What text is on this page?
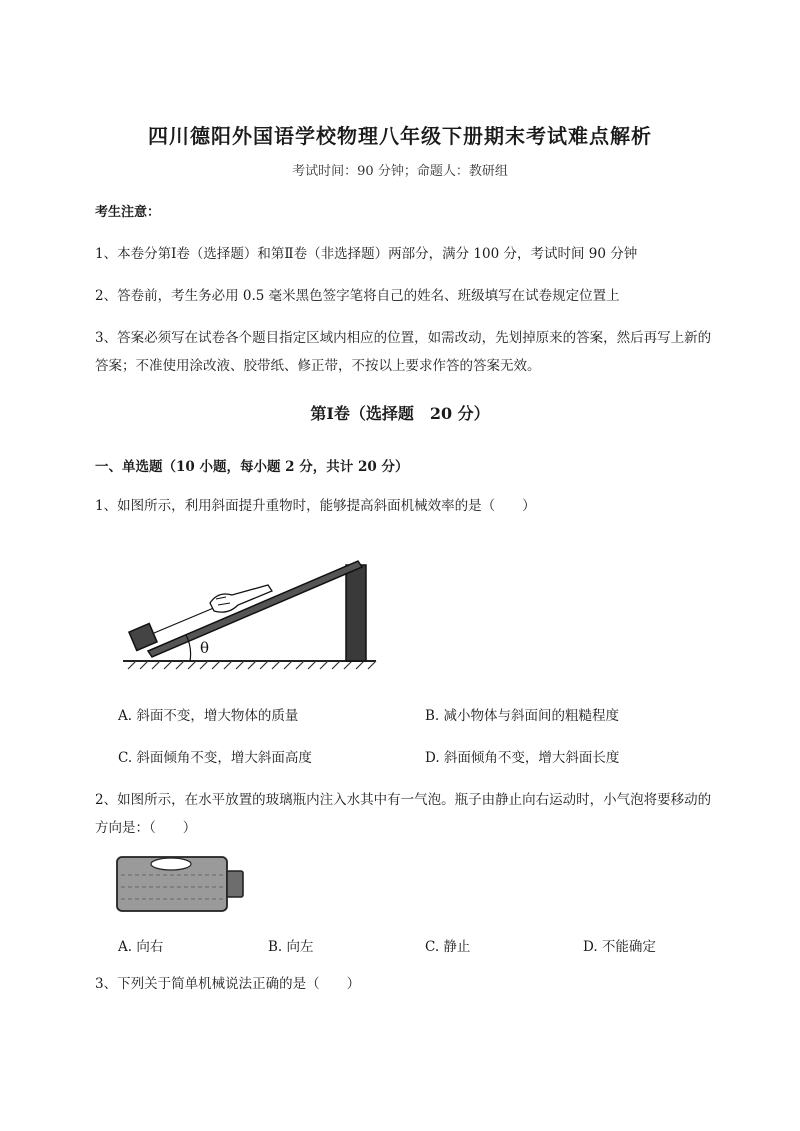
四川德阳外国语学校物理八年级下册期末考试难点解析
考试时间：90 分钟；命题人：教研组
考生注意：
1、本卷分第Ⅰ卷（选择题）和第Ⅱ卷（非选择题）两部分，满分 100 分，考试时间 90 分钟
2、答卷前，考生务必用 0.5 毫米黑色签字笔将自己的姓名、班级填写在试卷规定位置上
3、答案必须写在试卷各个题目指定区域内相应的位置，如需改动，先划掉原来的答案，然后再写上新的答案；不准使用涂改液、胶带纸、修正带，不按以上要求作答的答案无效。
第Ⅰ卷（选择题　20 分）
一、单选题（10 小题，每小题 2 分，共计 20 分）
1、如图所示，利用斜面提升重物时，能够提高斜面机械效率的是（　　）
θ
A. 斜面不变，增大物体的质量	B. 减小物体与斜面间的粗糙程度
C. 斜面倾角不变，增大斜面高度	D. 斜面倾角不变，增大斜面长度
2、如图所示，在水平放置的玻璃瓶内注入水其中有一气泡。瓶子由静止向右运动时，小气泡将要移动的方向是：（　　）
A. 向右	B. 向左	C. 静止	D. 不能确定
3、下列关于简单机械说法正确的是（　　）
